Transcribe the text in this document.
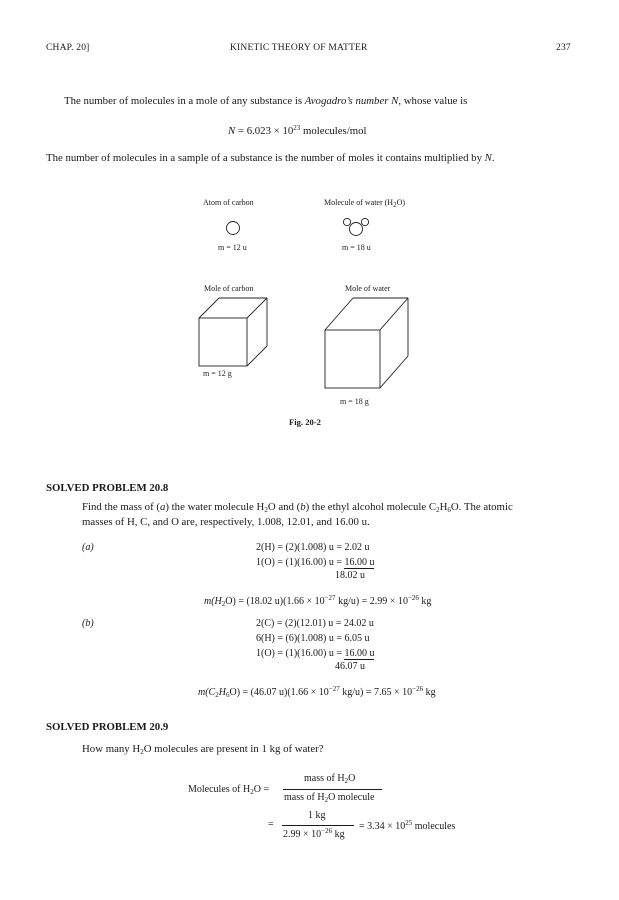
CHAP. 20]	KINETIC THEORY OF MATTER	237
The number of molecules in a mole of any substance is Avogadro’s number N, whose value is
$N = 6.023 \times 10^{23}$ molecules/mol
The number of molecules in a sample of a substance is the number of moles it contains multiplied by N.
Atom of carbon	Molecule of water $(H_2O)$
m = 12 u	m = 18 u
Mole of carbon	Mole of water
m = 12 g
m = 18 g
Fig. 20-2
SOLVED PROBLEM 20.8
Find the mass of (a) the water molecule $H_2O$ and (b) the ethyl alcohol molecule $C_2H_6O$. The atomic
masses of H, C, and O are, respectively, 1.008, 12.01, and 16.00 u.
(a)	2(H) = (2)(1.008) u = 2.02 u
1(O) = (1)(16.00) u = 16.00 u
18.02 u
$m(H_2O) = (18.02$ $u)(1.66 \times 10^{-27}$ $kg/u) = 2.99 \times 10^{-26}$ kg
(b)	2(C) = (2)(12.01) u = 24.02 u
6(H) = (6)(1.008) u = 6.05 u
1(O) = (1)(16.00) u = 16.00 u
46.07 u
$m(C_2H_6O) = (46.07$ $u)(1.66 \times 10^{-27}$ $kg/u) = 7.65 \times 10^{-26}$ kg
SOLVED PROBLEM 20.9
How many $H_2O$ molecules are present in 1 kg of water?
Molecules of $H_2O$ =
mass of $H_2O$
mass of $H_2O$ molecule
=
1 kg
$2.99 \times 10^{-26}$ kg
= $3.34 \times 10^{25}$ molecules
